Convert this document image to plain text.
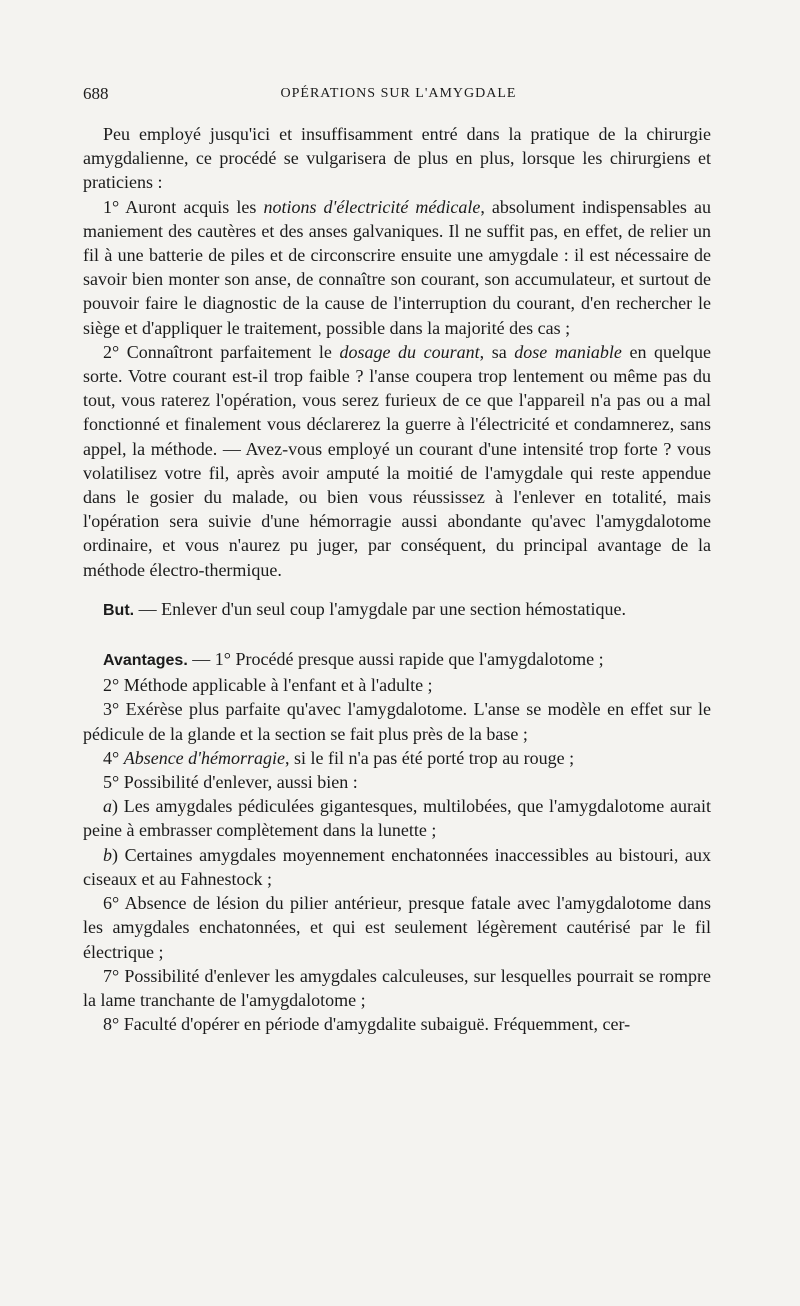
688	OPÉRATIONS SUR L'AMYGDALE

Peu employé jusqu'ici et insuffisamment entré dans la pratique de la chirurgie amygdalienne, ce procédé se vulgarisera de plus en plus, lorsque les chirurgiens et praticiens :

1° Auront acquis les notions d'électricité médicale, absolument indispensables au maniement des cautères et des anses galvaniques. Il ne suffit pas, en effet, de relier un fil à une batterie de piles et de circonscrire ensuite une amygdale : il est nécessaire de savoir bien monter son anse, de connaître son courant, son accumulateur, et surtout de pouvoir faire le diagnostic de la cause de l'interruption du courant, d'en rechercher le siège et d'appliquer le traitement, possible dans la majorité des cas ;

2° Connaîtront parfaitement le dosage du courant, sa dose maniable en quelque sorte. Votre courant est-il trop faible ? l'anse coupera trop lentement ou même pas du tout, vous raterez l'opération, vous serez furieux de ce que l'appareil n'a pas ou a mal fonctionné et finalement vous déclarerez la guerre à l'électricité et condamnerez, sans appel, la méthode. — Avez-vous employé un courant d'une intensité trop forte ? vous volatilisez votre fil, après avoir amputé la moitié de l'amygdale qui reste appendue dans le gosier du malade, ou bien vous réussissez à l'enlever en totalité, mais l'opération sera suivie d'une hémorragie aussi abondante qu'avec l'amygdalotome ordinaire, et vous n'aurez pu juger, par conséquent, du principal avantage de la méthode électro-thermique.

But. — Enlever d'un seul coup l'amygdale par une section hémostatique.

Avantages. — 1° Procédé presque aussi rapide que l'amygdalotome ;

2° Méthode applicable à l'enfant et à l'adulte ;

3° Exérèse plus parfaite qu'avec l'amygdalotome. L'anse se modèle en effet sur le pédicule de la glande et la section se fait plus près de la base ;

4° Absence d'hémorragie, si le fil n'a pas été porté trop au rouge ;

5° Possibilité d'enlever, aussi bien :

a) Les amygdales pédiculées gigantesques, multilobées, que l'amygdalotome aurait peine à embrasser complètement dans la lunette ;

b) Certaines amygdales moyennement enchatonnées inaccessibles au bistouri, aux ciseaux et au Fahnestock ;

6° Absence de lésion du pilier antérieur, presque fatale avec l'amygdalotome dans les amygdales enchatonnées, et qui est seulement légèrement cautérisé par le fil électrique ;

7° Possibilité d'enlever les amygdales calculeuses, sur lesquelles pourrait se rompre la lame tranchante de l'amygdalotome ;

8° Faculté d'opérer en période d'amygdalite subaiguë. Fréquemment, cer-
